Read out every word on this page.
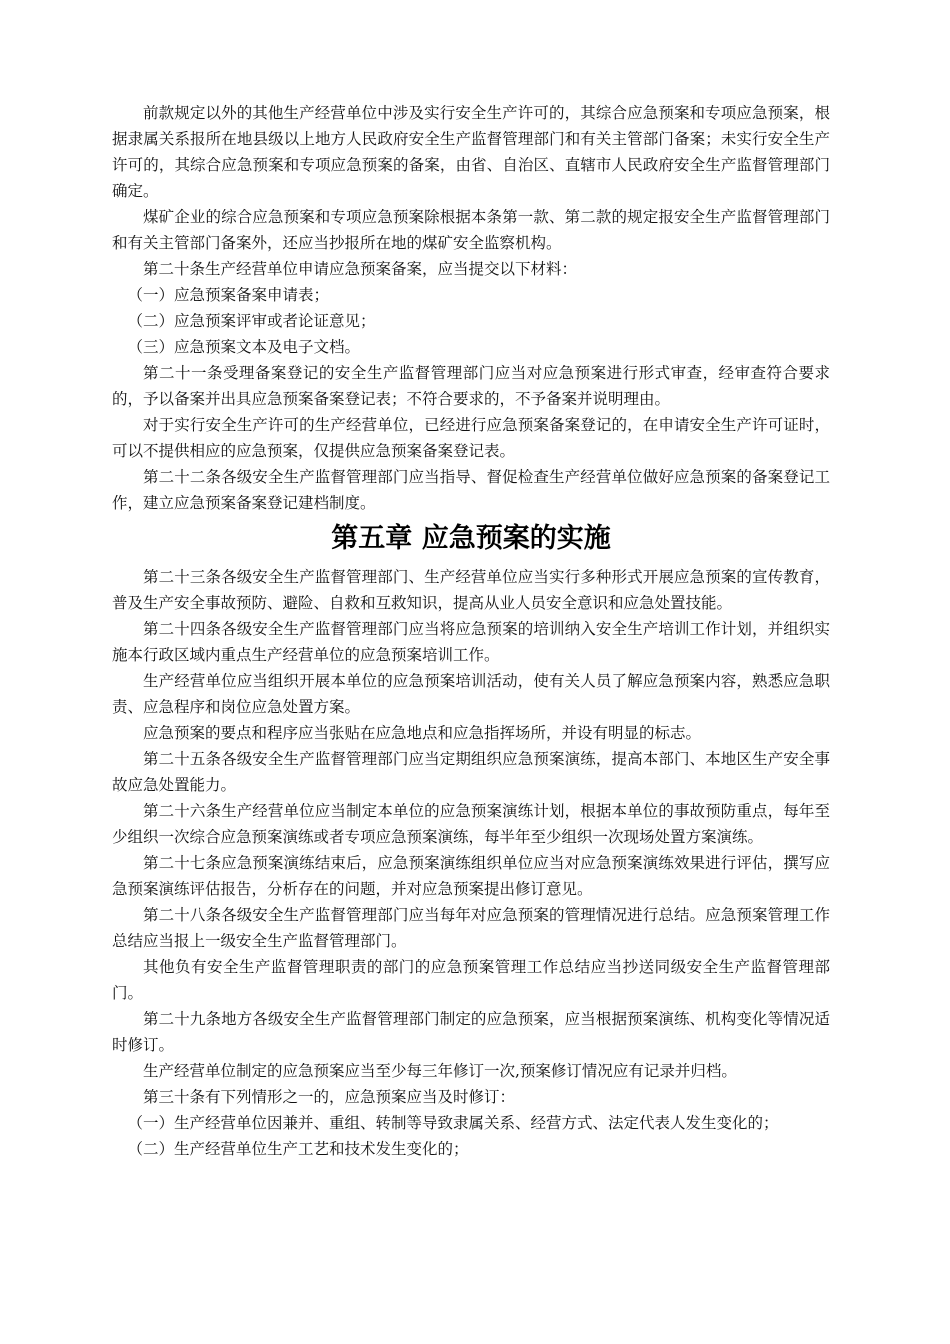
前款规定以外的其他生产经营单位中涉及实行安全生产许可的，其综合应急预案和专项应急预案，根据隶属关系报所在地县级以上地方人民政府安全生产监督管理部门和有关主管部门备案；未实行安全生产许可的，其综合应急预案和专项应急预案的备案，由省、自治区、直辖市人民政府安全生产监督管理部门确定。

煤矿企业的综合应急预案和专项应急预案除根据本条第一款、第二款的规定报安全生产监督管理部门和有关主管部门备案外，还应当抄报所在地的煤矿安全监察机构。

第二十条生产经营单位申请应急预案备案，应当提交以下材料：

（一）应急预案备案申请表；

（二）应急预案评审或者论证意见；

（三）应急预案文本及电子文档。

第二十一条受理备案登记的安全生产监督管理部门应当对应急预案进行形式审查，经审查符合要求的，予以备案并出具应急预案备案登记表；不符合要求的，不予备案并说明理由。

对于实行安全生产许可的生产经营单位，已经进行应急预案备案登记的，在申请安全生产许可证时，可以不提供相应的应急预案，仅提供应急预案备案登记表。

第二十二条各级安全生产监督管理部门应当指导、督促检查生产经营单位做好应急预案的备案登记工作，建立应急预案备案登记建档制度。

第五章 应急预案的实施

第二十三条各级安全生产监督管理部门、生产经营单位应当实行多种形式开展应急预案的宣传教育，普及生产安全事故预防、避险、自救和互救知识，提高从业人员安全意识和应急处置技能。

第二十四条各级安全生产监督管理部门应当将应急预案的培训纳入安全生产培训工作计划，并组织实施本行政区域内重点生产经营单位的应急预案培训工作。

生产经营单位应当组织开展本单位的应急预案培训活动，使有关人员了解应急预案内容，熟悉应急职责、应急程序和岗位应急处置方案。

应急预案的要点和程序应当张贴在应急地点和应急指挥场所，并设有明显的标志。

第二十五条各级安全生产监督管理部门应当定期组织应急预案演练，提高本部门、本地区生产安全事故应急处置能力。

第二十六条生产经营单位应当制定本单位的应急预案演练计划，根据本单位的事故预防重点，每年至少组织一次综合应急预案演练或者专项应急预案演练，每半年至少组织一次现场处置方案演练。

第二十七条应急预案演练结束后，应急预案演练组织单位应当对应急预案演练效果进行评估，撰写应急预案演练评估报告，分析存在的问题，并对应急预案提出修订意见。

第二十八条各级安全生产监督管理部门应当每年对应急预案的管理情况进行总结。应急预案管理工作总结应当报上一级安全生产监督管理部门。

其他负有安全生产监督管理职责的部门的应急预案管理工作总结应当抄送同级安全生产监督管理部门。

第二十九条地方各级安全生产监督管理部门制定的应急预案，应当根据预案演练、机构变化等情况适时修订。

生产经营单位制定的应急预案应当至少每三年修订一次,预案修订情况应有记录并归档。

第三十条有下列情形之一的，应急预案应当及时修订：

（一）生产经营单位因兼并、重组、转制等导致隶属关系、经营方式、法定代表人发生变化的；

（二）生产经营单位生产工艺和技术发生变化的；
